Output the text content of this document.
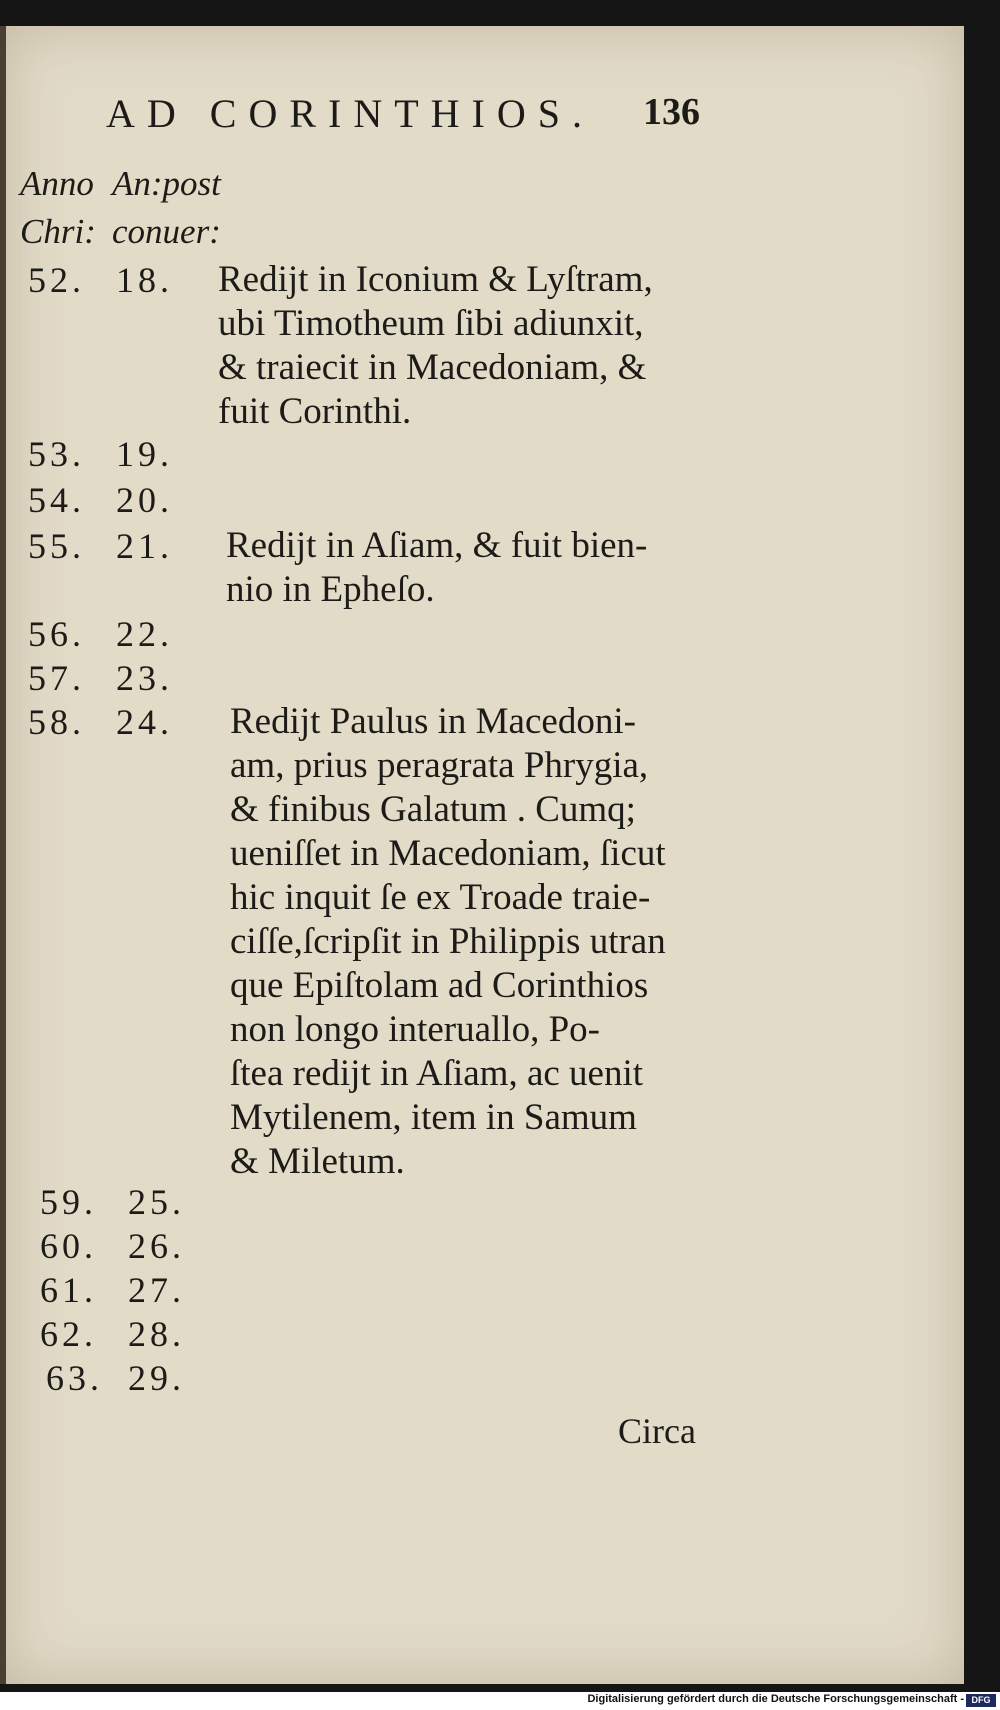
AD CORINTHIOS. 136
Anno
Chri:
An:post
conuer:
52. 18. Rediјt in Iconium & Lyſtram,
ubi Timotheum ſibi adiunxit,
& traiecit in Macedoniam, &
fuit Corinthi.
53. 19.
54. 20.
55. 21. Rediјt in Aſiam, & fuit bien-
nio in Epheſo.
56. 22.
57. 23.
58. 24. Rediјt Paulus in Macedoni-
am, prius peragrata Phrygia,
& finibus Galatum . Cumq;
ueniſſet in Macedoniam, ſicut
hic inquit ſe ex Troade traie-
ciſſe,ſcripſit in Philippis utran
que Epiſtolam ad Corinthios
non longo interuallo, Po-
ſtea rediјt in Aſiam, ac uenit
Mytilenem, item in Samum
& Miletum.
59. 25.
60. 26.
61. 27.
62. 28.
63. 29.
Circa
Digitalisierung gefördert durch die Deutsche Forschungsgemeinschaft - DFG
